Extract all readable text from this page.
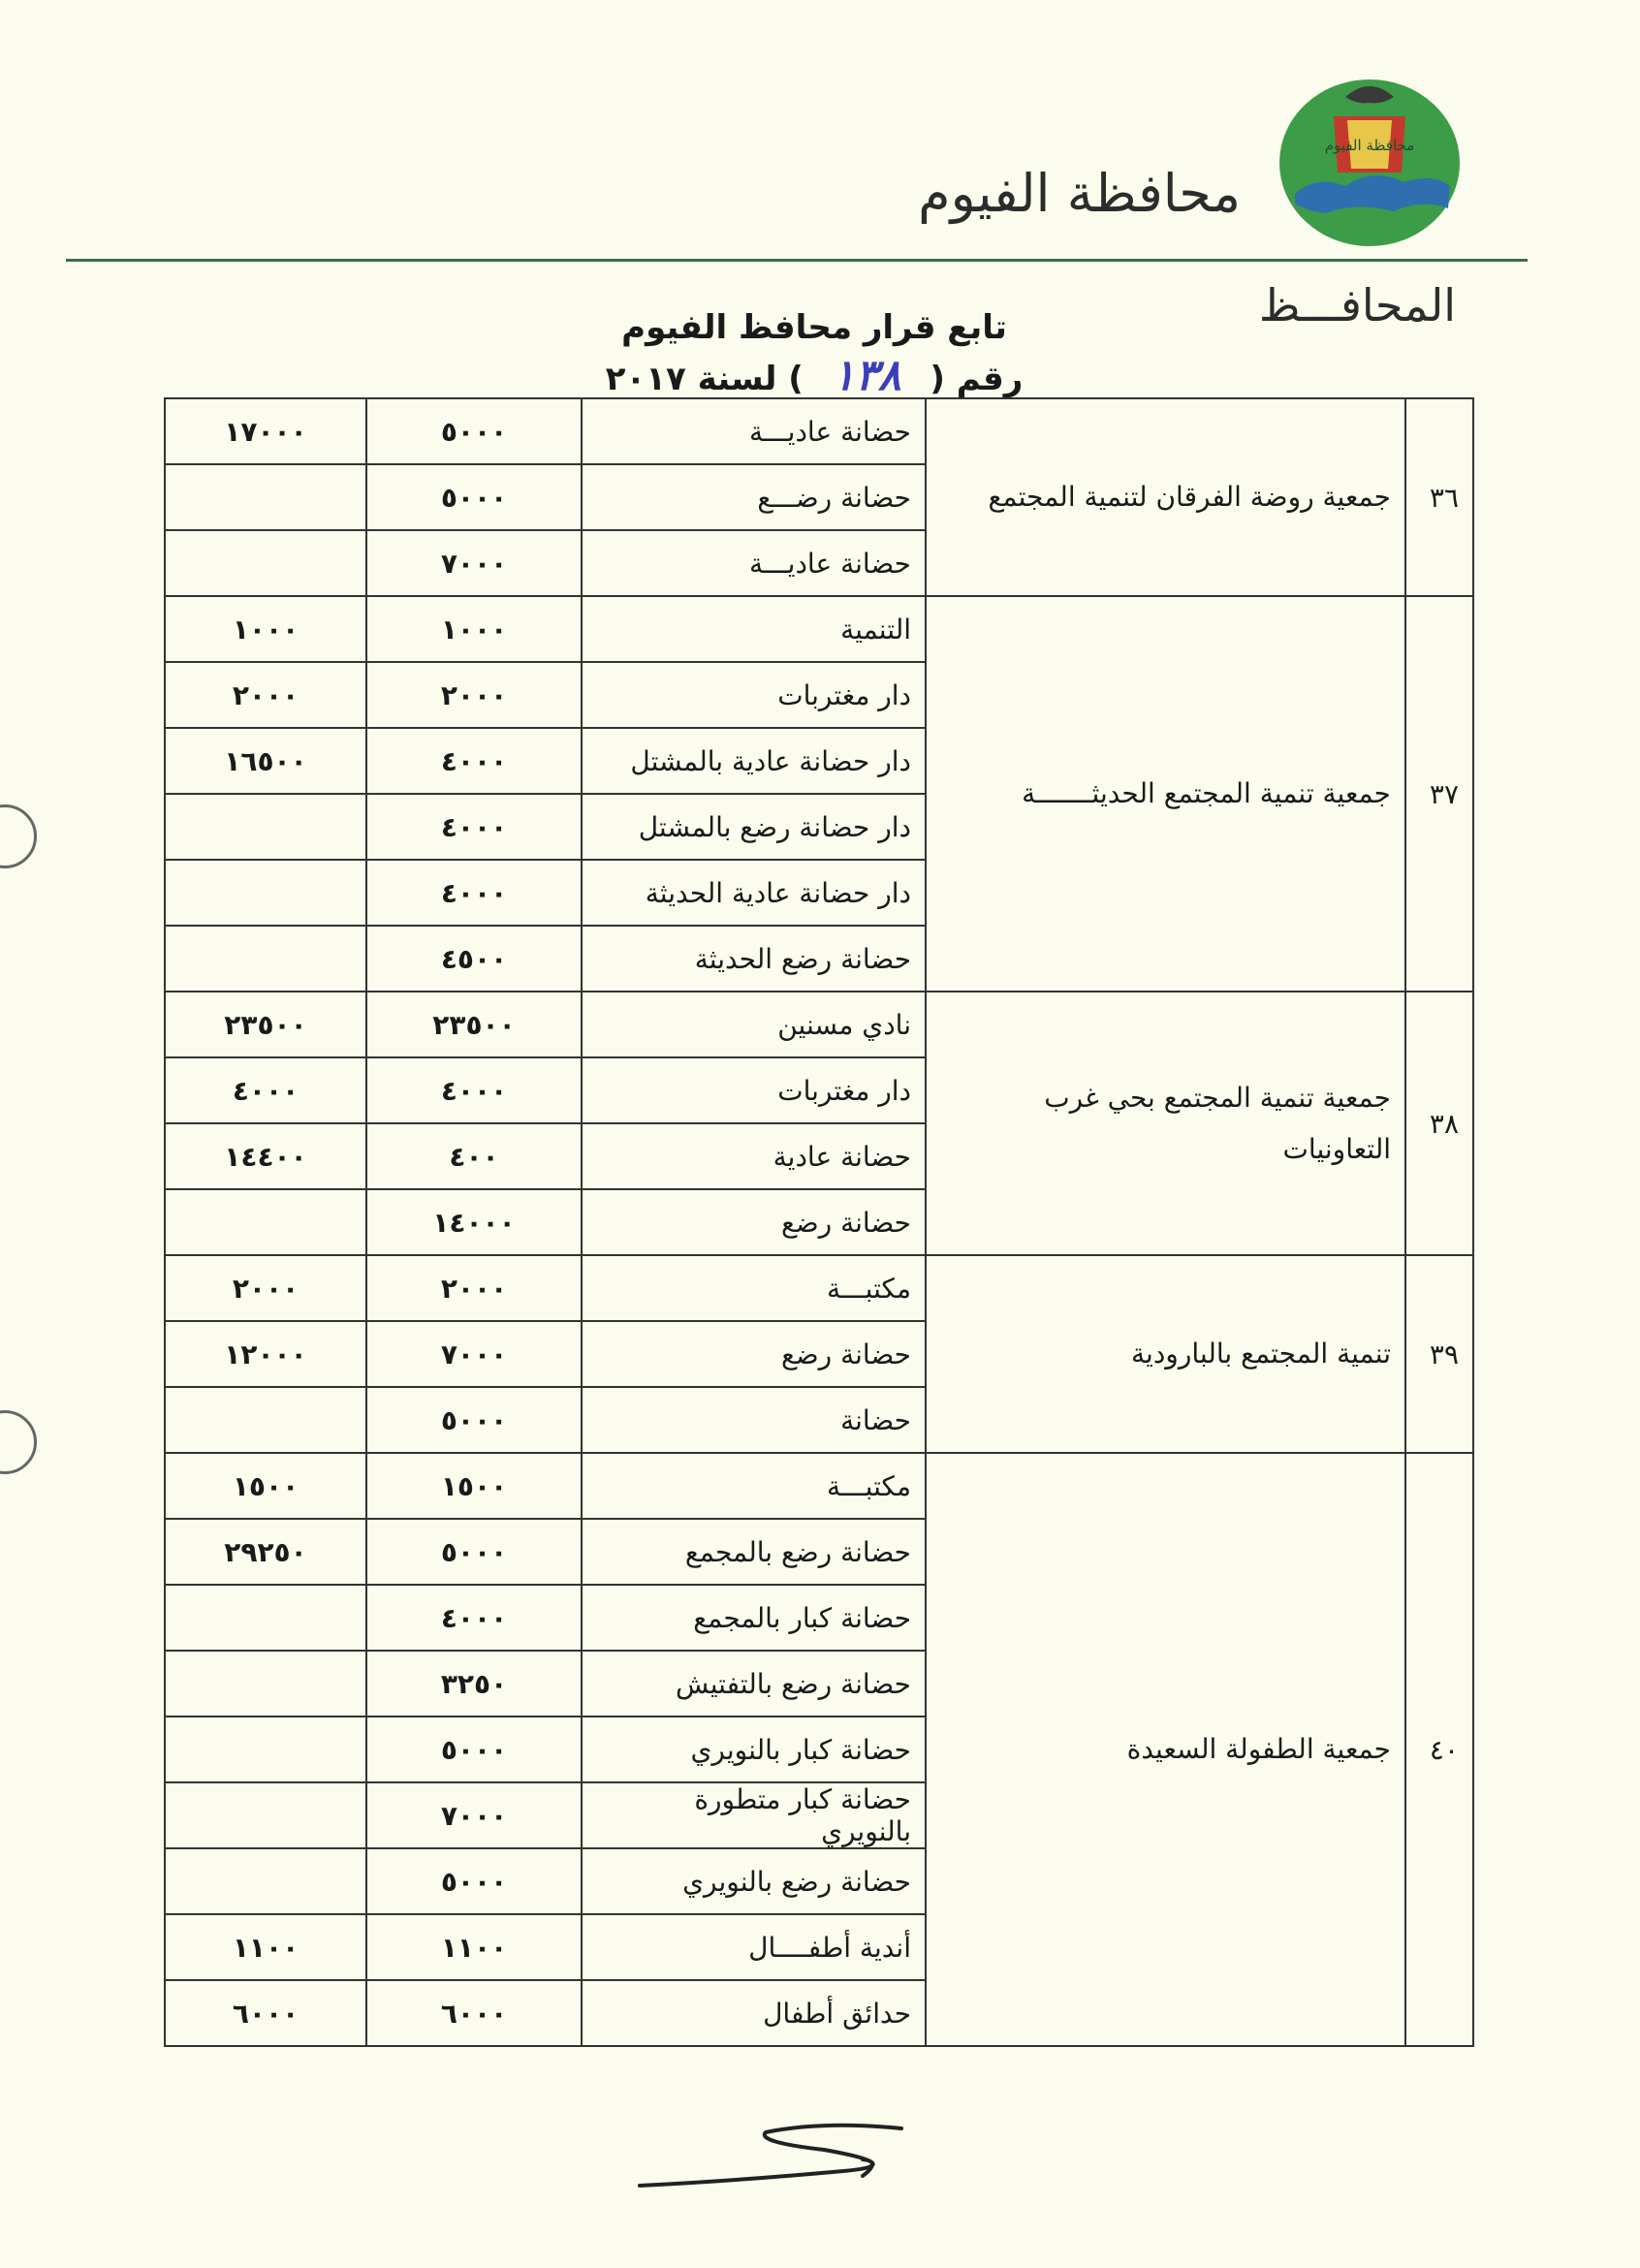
محافظة الفيوم
محافظة الفيوم
المحافـــظ
تابع قرار محافظ الفيوم
رقم ( ١٣٨ ) لسنة ٢٠١٧
٣٦	جمعية روضة الفرقان لتنمية المجتمع	حضانة عاديـــة	٥٠٠٠	١٧٠٠٠
		حضانة رضـــع	٥٠٠٠	
		حضانة عاديـــة	٧٠٠٠	
٣٧	جمعية تنمية المجتمع الحديثـــــــة	التنمية	١٠٠٠	١٠٠٠
		دار مغتربات	٢٠٠٠	٢٠٠٠
		دار حضانة عادية بالمشتل	٤٠٠٠	١٦٥٠٠
		دار حضانة رضع بالمشتل	٤٠٠٠	
		دار حضانة عادية الحديثة	٤٠٠٠	
		حضانة رضع الحديثة	٤٥٠٠	
٣٨	جمعية تنمية المجتمع بحي غرب التعاونيات	نادي مسنين	٢٣٥٠٠	٢٣٥٠٠
		دار مغتربات	٤٠٠٠	٤٠٠٠
		حضانة عادية	٤٠٠	١٤٤٠٠
		حضانة رضع	١٤٠٠٠	
٣٩	تنمية المجتمع بالبارودية	مكتبـــة	٢٠٠٠	٢٠٠٠
		حضانة رضع	٧٠٠٠	١٢٠٠٠
		حضانة	٥٠٠٠	
٤٠	جمعية الطفولة السعيدة	مكتبـــة	١٥٠٠	١٥٠٠
		حضانة رضع بالمجمع	٥٠٠٠	٢٩٢٥٠
		حضانة كبار بالمجمع	٤٠٠٠	
		حضانة رضع بالتفتيش	٣٢٥٠	
		حضانة كبار بالنويري	٥٠٠٠	
		حضانة كبار متطورة بالنويري	٧٠٠٠	
		حضانة رضع بالنويري	٥٠٠٠	
		أندية أطفــــال	١١٠٠	١١٠٠
		حدائق أطفال	٦٠٠٠	٦٠٠٠
